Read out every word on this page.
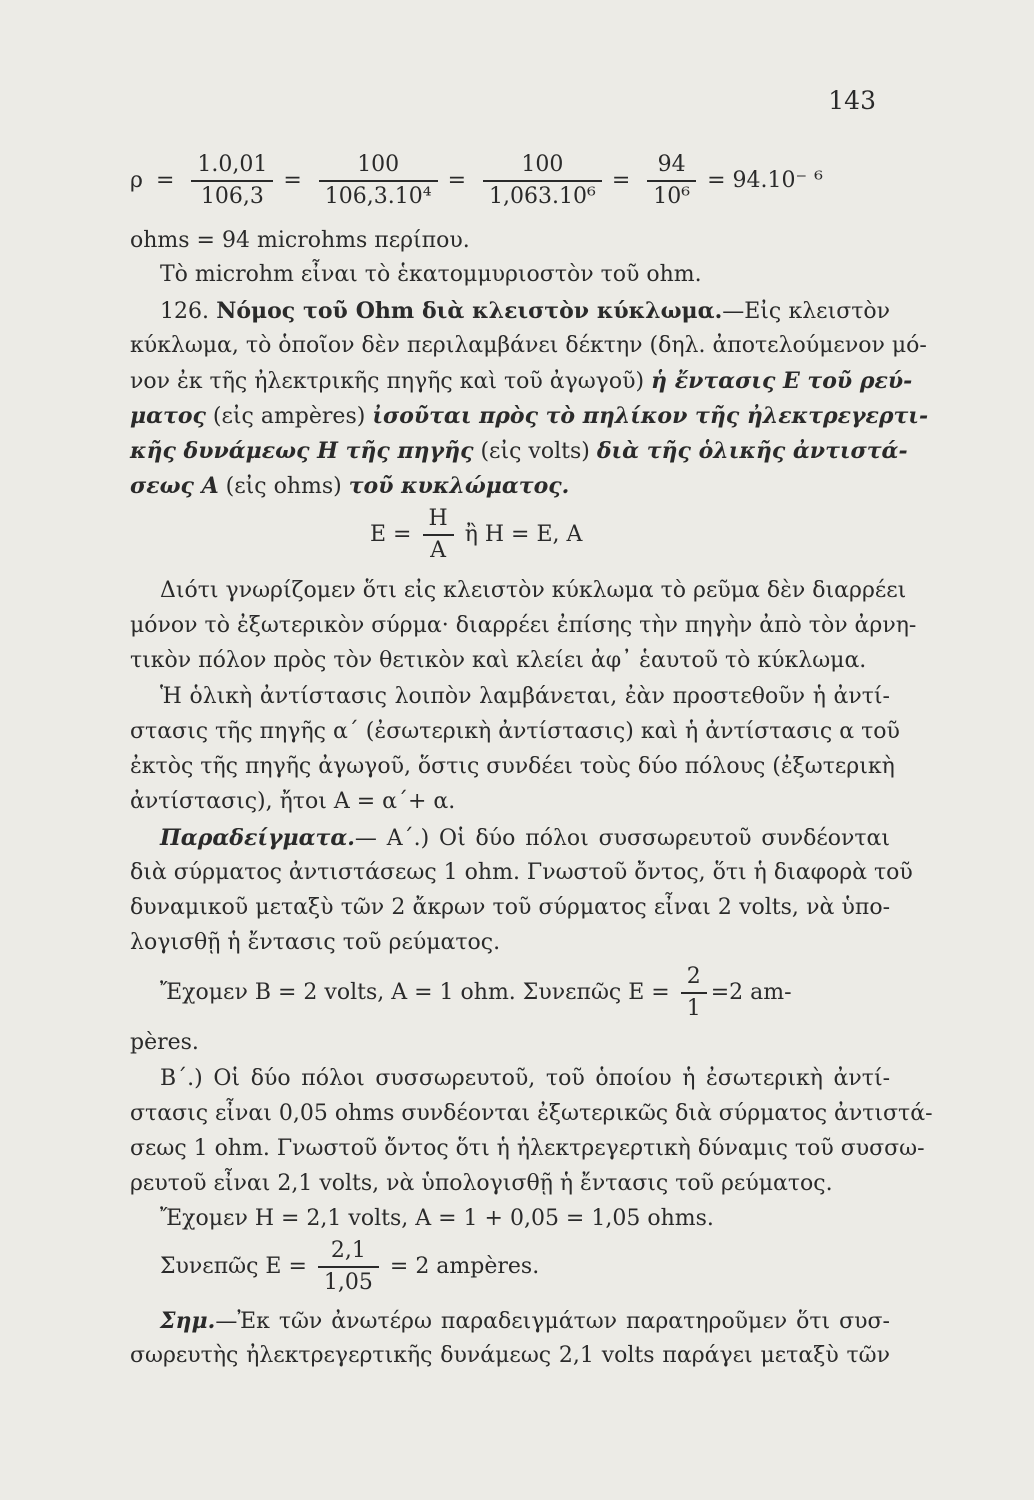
143
$\rho = \frac{1.0,01}{106,3} = \frac{100}{\text{106,3.10⁴}} = \frac{100}{\text{1,063.10⁶}} = \frac{94}{\text{10⁶}} = 94.10^-$ ⁶
ohms = 94 microhms περίπου.
Τὸ microhm εἶναι τὸ ἑκατομμυριοστὸν τοῦ ohm.
126. Νόμος τοῦ Ohm διὰ κλειστὸν κύκλωμα.—Εἰς κλειστὸν
κύκλωμα, τὸ ὁποῖον δὲν περιλαμβάνει δέκτην (δηλ. ἀποτελούμενον μό-
νον ἐκ τῆς ἠλεκτρικῆς πηγῆς καὶ τοῦ ἀγωγοῦ) ἡ ἔντασις Ε τοῦ ρεύ-
ματος (εἰς ampères) ἰσοῦται πρὸς τὸ πηλίκον τῆς ἠλεκτρεγερτι-
κῆς δυνάμεως Η τῆς πηγῆς (εἰς volts) διὰ τῆς ὁλικῆς ἀντιστά-
σεως Α (εἰς ohms) τοῦ κυκλώματος.
$E = \frac{H}{A}$ ἢ Η = Ε, Α
Διότι γνωρίζομεν ὅτι εἰς κλειστὸν κύκλωμα τὸ ρεῦμα δὲν διαρρέει
μόνον τὸ ἐξωτερικὸν σύρμα· διαρρέει ἐπίσης τὴν πηγὴν ἀπὸ τὸν ἀρνη-
τικὸν πόλον πρὸς τὸν θετικὸν καὶ κλείει ἀφ᾿ ἑαυτοῦ τὸ κύκλωμα.
Ἡ ὁλικὴ ἀντίστασις λοιπὸν λαμβάνεται, ἐὰν προστεθοῦν ἡ ἀντί-
στασις τῆς πηγῆς α΄ (ἐσωτερικὴ ἀντίστασις) καὶ ἡ ἀντίστασις α τοῦ
ἐκτὸς τῆς πηγῆς ἀγωγοῦ, ὅστις συνδέει τοὺς δύο πόλους (ἐξωτερικὴ
ἀντίστασις), ἤτοι Α = α΄+ α.
Παραδείγματα.— Α΄.) Οἱ δύο πόλοι συσσωρευτοῦ συνδέονται
διὰ σύρματος ἀντιστάσεως 1 ohm. Γνωστοῦ ὄντος, ὅτι ἡ διαφορὰ τοῦ
δυναμικοῦ μεταξὺ τῶν 2 ἄκρων τοῦ σύρματος εἶναι 2 volts, νὰ ὑπο-
λογισθῇ ἡ ἔντασις τοῦ ρεύματος.
Ἔχομεν Β = 2 volts, Α = 1 ohm. Συνεπῶς $E = \frac{2}{1} =2$ am-
pères.
Β΄.) Οἱ δύο πόλοι συσσωρευτοῦ, τοῦ ὁποίου ἡ ἐσωτερικὴ ἀντί-
στασις εἶναι 0,05 ohms συνδέονται ἐξωτερικῶς διὰ σύρματος ἀντιστά-
σεως 1 ohm. Γνωστοῦ ὄντος ὅτι ἡ ἠλεκτρεγερτικὴ δύναμις τοῦ συσσω-
ρευτοῦ εἶναι 2,1 volts, νὰ ὑπολογισθῇ ἡ ἔντασις τοῦ ρεύματος.
Ἔχομεν Η = 2,1 volts, Α = 1 + 0,05 = 1,05 ohms.
Συνεπῶς $E = \frac{2,1}{1,05} = 2$ ampères.
Σημ.—Ἐκ τῶν ἀνωτέρω παραδειγμάτων παρατηροῦμεν ὅτι συσ-
σωρευτὴς ἠλεκτρεγερτικῆς δυνάμεως 2,1 volts παράγει μεταξὺ τῶν
